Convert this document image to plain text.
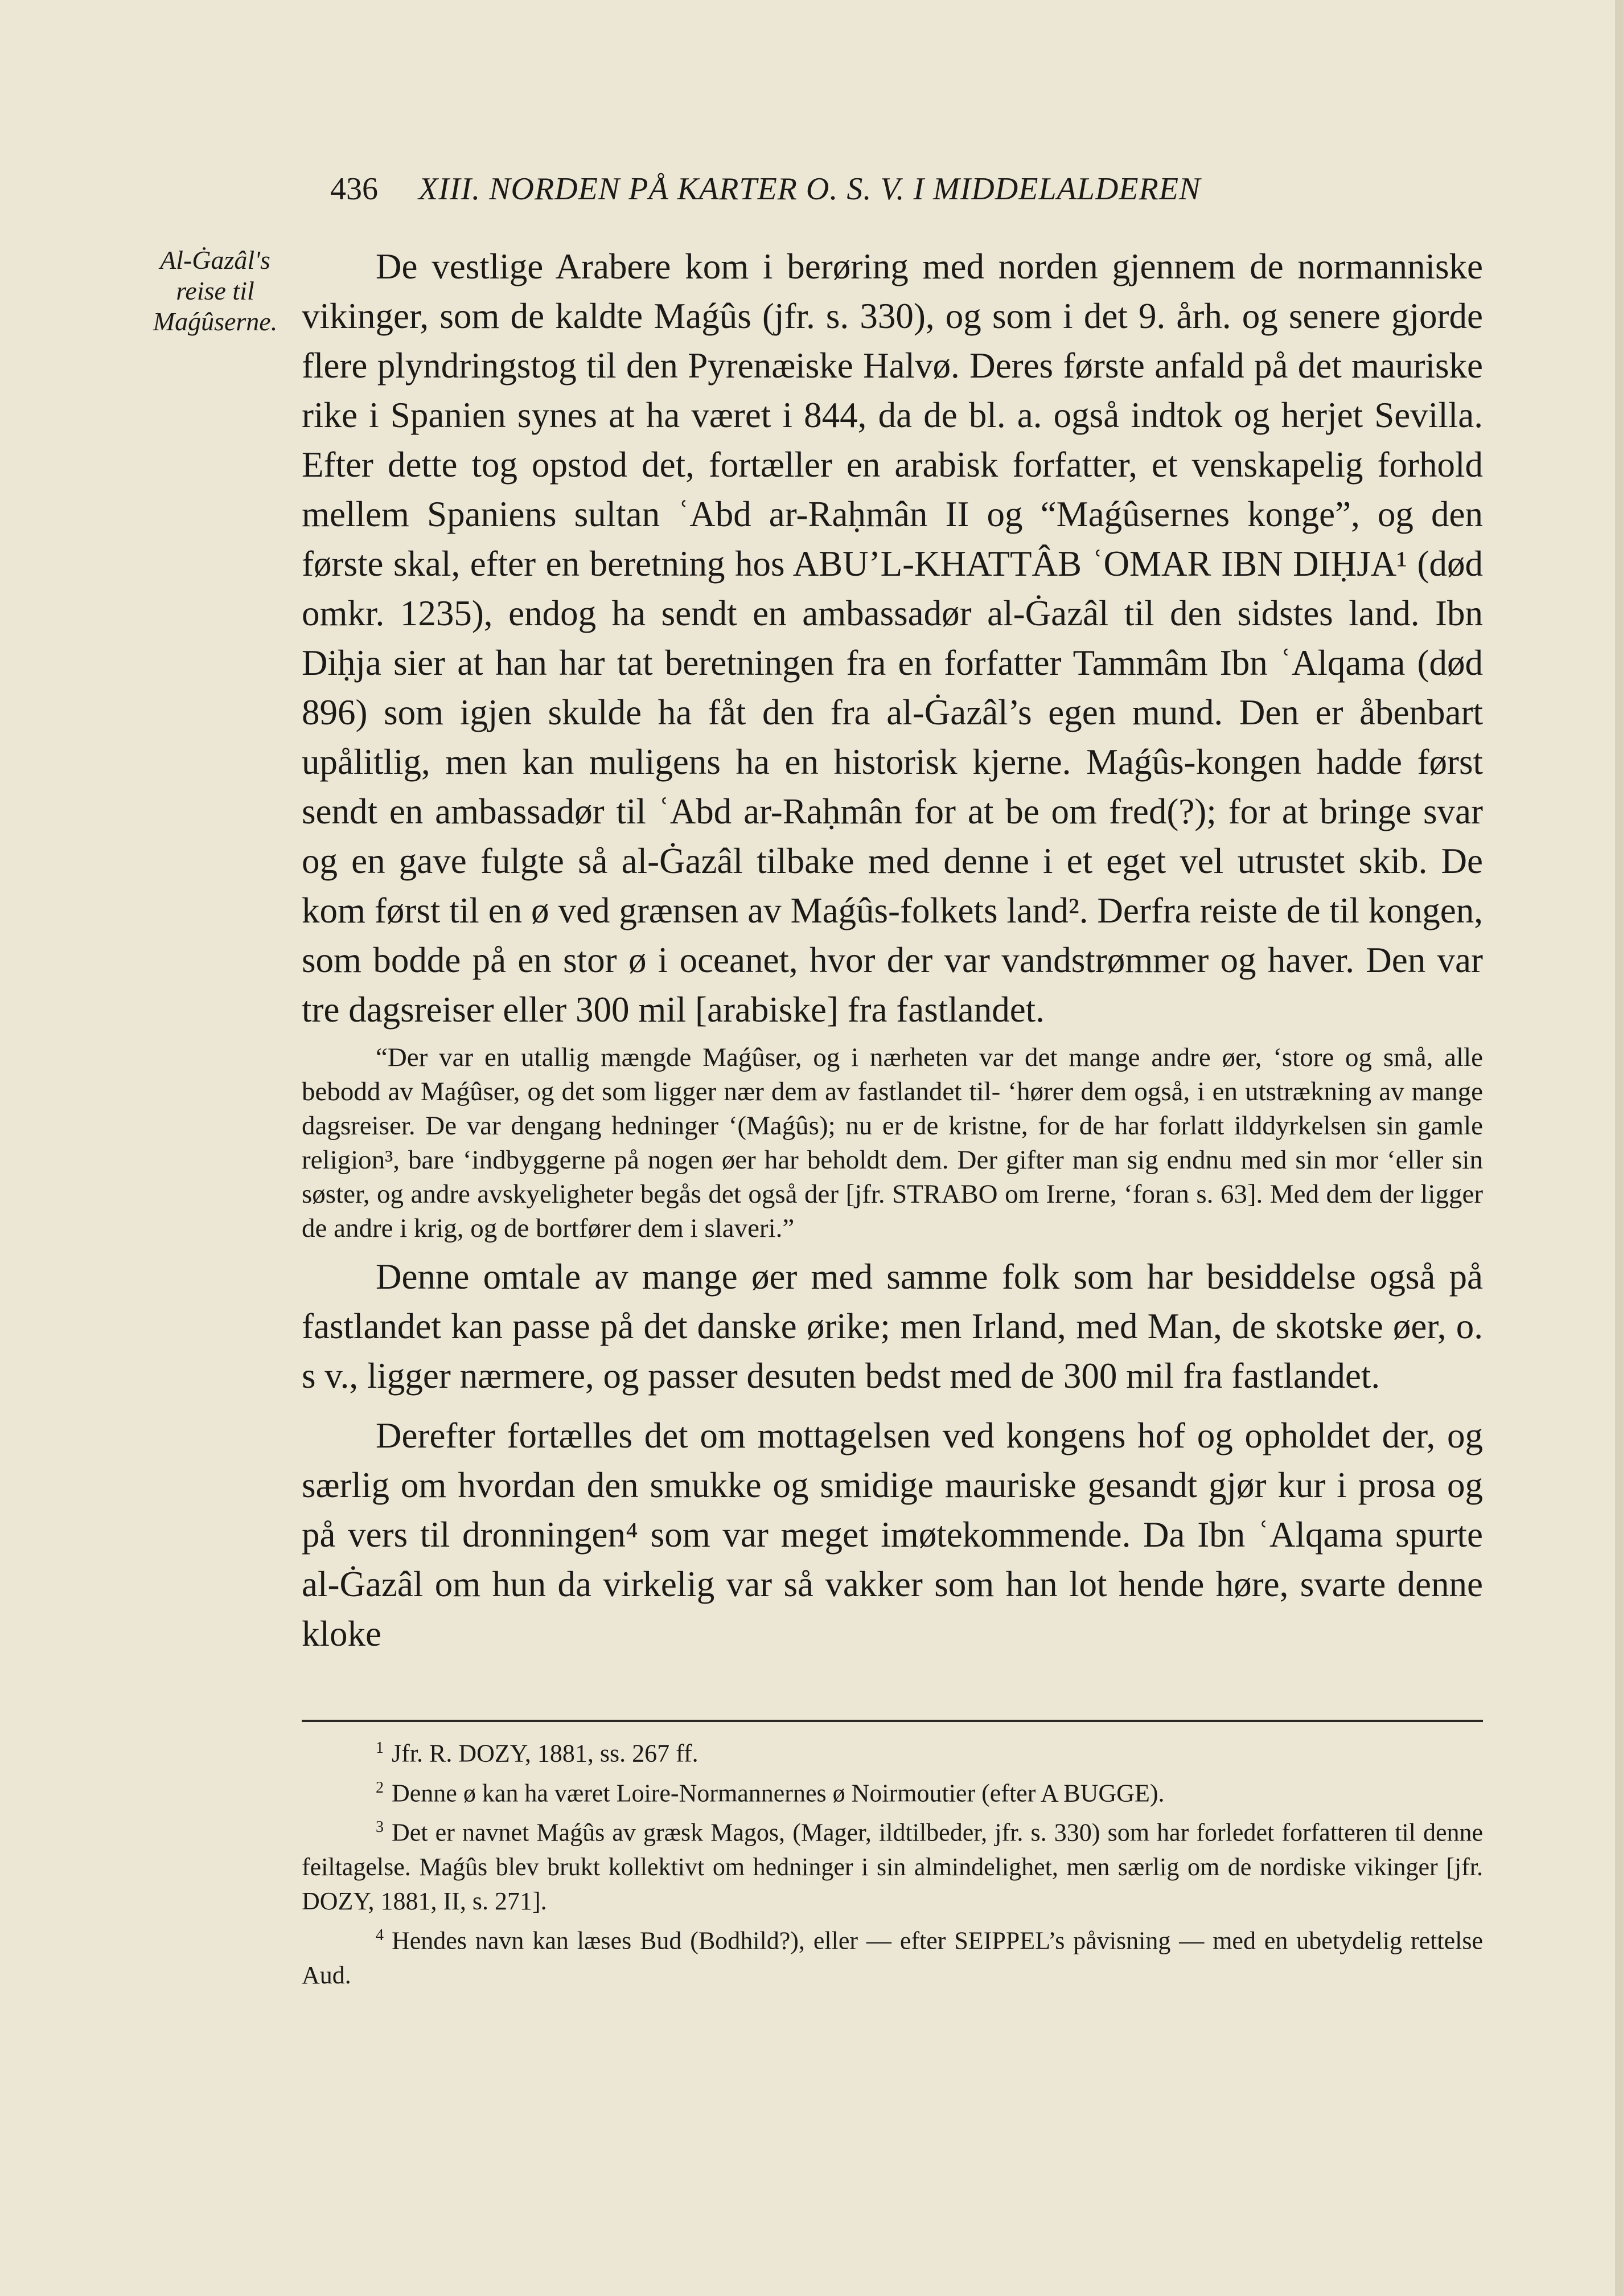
436 XIII. NORDEN PÅ KARTER O. S. V. I MIDDELALDEREN
Al-Ġazâl's
reise til
Maǵûserne.

De vestlige Arabere kom i berøring med norden gjennem de normanniske vikinger, som de kaldte Maǵûs (jfr. s. 330), og som i det 9. årh. og senere gjorde flere plyndringstog til den Pyrenæiske Halvø. Deres første anfald på det mauriske rike i Spanien synes at ha været i 844, da de bl. a. også indtok og herjet Sevilla. Efter dette tog opstod det, fortæller en arabisk forfatter, et venskapelig forhold mellem Spaniens sultan ʿAbd ar-Raḥmân II og “Maǵûsernes konge”, og den første skal, efter en beretning hos ABU’L-KHATTÂB ʿOMAR IBN DIḤJA¹ (død omkr. 1235), endog ha sendt en ambassadør al-Ġazâl til den sidstes land. Ibn Diḥja sier at han har tat beretningen fra en forfatter Tammâm Ibn ʿAlqama (død 896) som igjen skulde ha fåt den fra al-Ġazâl’s egen mund. Den er åbenbart upålitlig, men kan muligens ha en historisk kjerne. Maǵûs-kongen hadde først sendt en ambassadør til ʿAbd ar-Raḥmân for at be om fred(?); for at bringe svar og en gave fulgte så al-Ġazâl tilbake med denne i et eget vel utrustet skib. De kom først til en ø ved grænsen av Maǵûs-folkets land². Derfra reiste de til kongen, som bodde på en stor ø i oceanet, hvor der var vandstrømmer og haver. Den var tre dagsreiser eller 300 mil [arabiske] fra fastlandet.

“Der var en utallig mængde Maǵûser, og i nærheten var det mange andre øer, ‘store og små, alle bebodd av Maǵûser, og det som ligger nær dem av fastlandet til- ‘hører dem også, i en utstrækning av mange dagsreiser. De var dengang hedninger ‘(Maǵûs); nu er de kristne, for de har forlatt ilddyrkelsen sin gamle religion³, bare ‘indbyggerne på nogen øer har beholdt dem. Der gifter man sig endnu med sin mor ‘eller sin søster, og andre avskyeligheter begås det også der [jfr. STRABO om Irerne, ‘foran s. 63]. Med dem der ligger de andre i krig, og de bortfører dem i slaveri.”

Denne omtale av mange øer med samme folk som har besiddelse også på fastlandet kan passe på det danske ørike; men Irland, med Man, de skotske øer, o. s v., ligger nærmere, og passer desuten bedst med de 300 mil fra fastlandet.

Derefter fortælles det om mottagelsen ved kongens hof og opholdet der, og særlig om hvordan den smukke og smidige mauriske gesandt gjør kur i prosa og på vers til dronningen⁴ som var meget imøtekommende. Da Ibn ʿAlqama spurte al-Ġazâl om hun da virkelig var så vakker som han lot hende høre, svarte denne kloke

$^1$ Jfr. R. DOZY, 1881, ss. 267 ff.

$^2$ Denne ø kan ha været Loire-Normannernes ø Noirmoutier (efter A BUGGE).

$^3$ Det er navnet Maǵûs av græsk Magos, (Mager, ildtilbeder, jfr. s. 330) som har forledet forfatteren til denne feiltagelse. Maǵûs blev brukt kollektivt om hedninger i sin almindelighet, men særlig om de nordiske vikinger [jfr. DOZY, 1881, II, s. 271].

$^4$ Hendes navn kan læses Bud (Bodhild?), eller — efter SEIPPEL’s påvisning — med en ubetydelig rettelse Aud.
